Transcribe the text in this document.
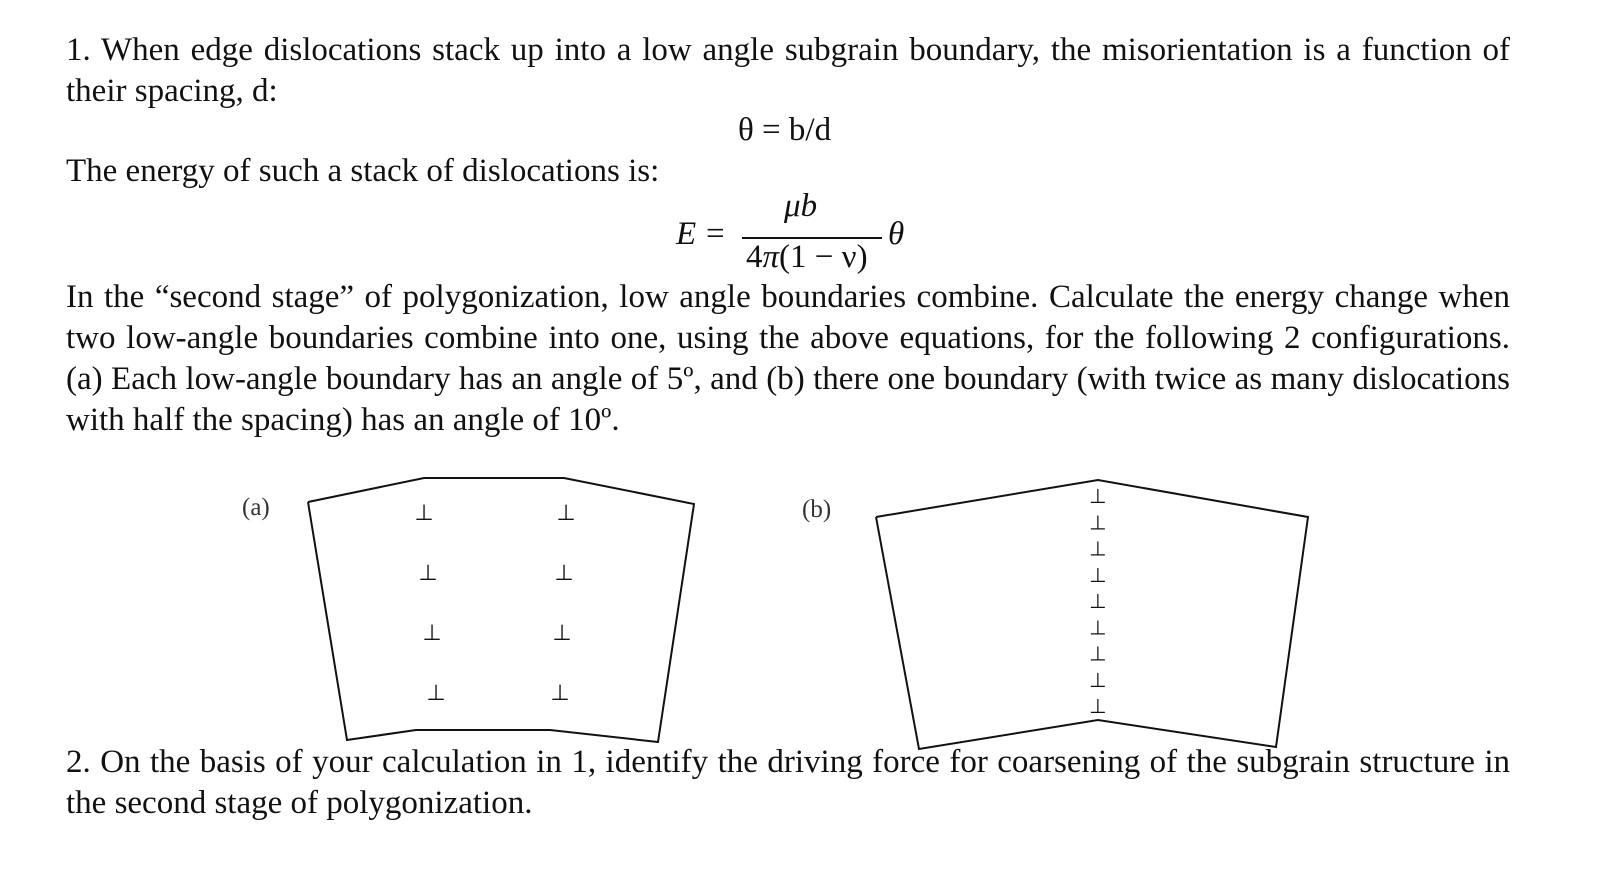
1. When edge dislocations stack up into a low angle subgrain boundary, the misorientation is a function of their spacing, d:

θ = b/d

The energy of such a stack of dislocations is:

E =
μb
4π(1 − ν)
θ

In the “second stage” of polygonization, low angle boundaries combine. Calculate the energy change when two low-angle boundaries combine into one, using the above equations, for the following 2 configurations. (a) Each low-angle boundary has an angle of 5º, and (b) there one boundary (with twice as many dislocations with half the spacing) has an angle of 10º.

(a)	(b)
⊥
⊥
⊥
⊥
⊥
⊥
⊥
⊥
⊥
⊥
⊥
⊥
⊥
⊥
⊥
⊥
⊥

2. On the basis of your calculation in 1, identify the driving force for coarsening of the subgrain structure in the second stage of polygonization.
